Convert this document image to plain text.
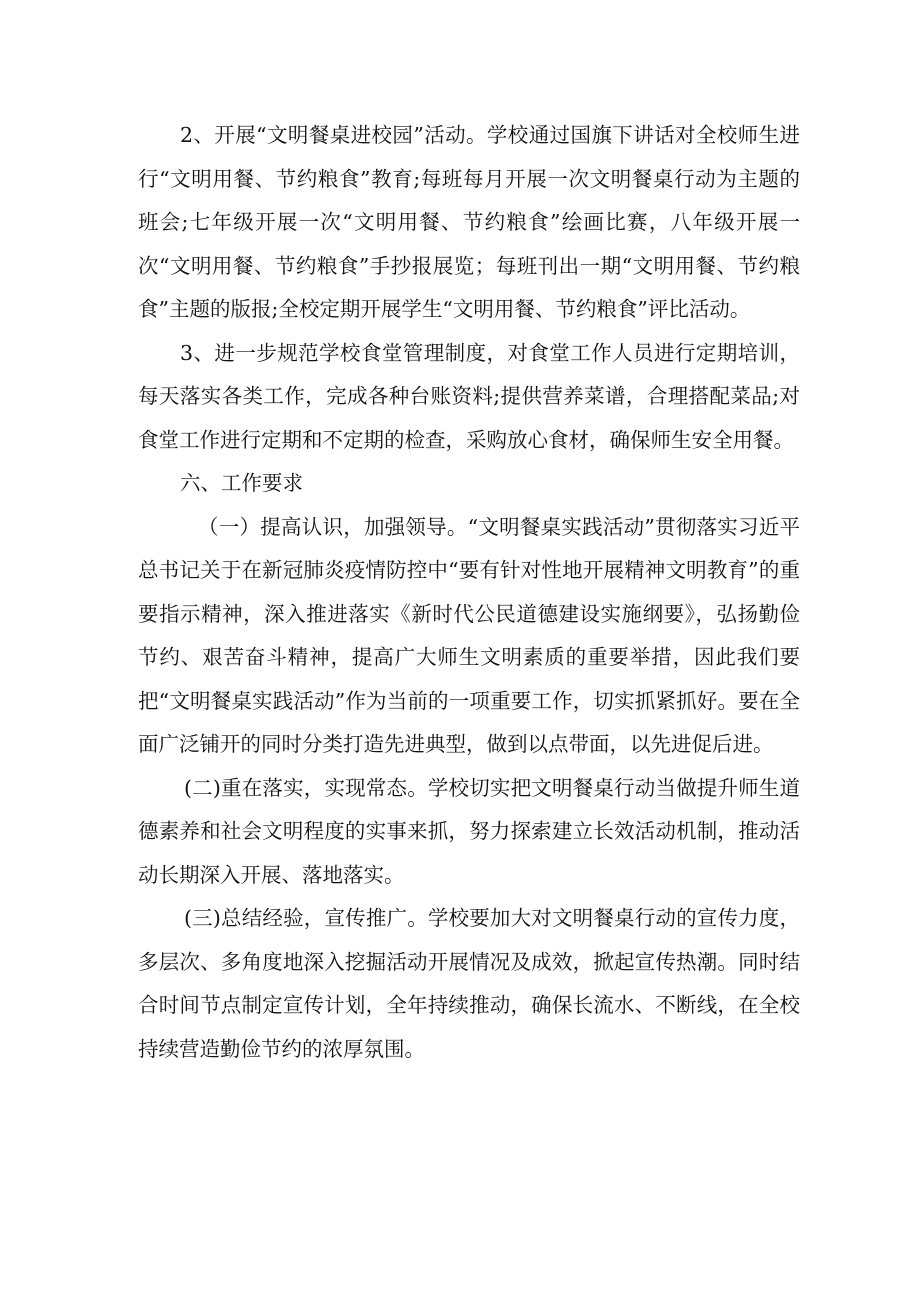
2、开展“文明餐桌进校园”活动。学校通过国旗下讲话对全校师生进行“文明用餐、节约粮食”教育;每班每月开展一次文明餐桌行动为主题的班会;七年级开展一次“文明用餐、节约粮食”绘画比赛，八年级开展一次“文明用餐、节约粮食”手抄报展览；每班刊出一期“文明用餐、节约粮食”主题的版报;全校定期开展学生“文明用餐、节约粮食”评比活动。

3、进一步规范学校食堂管理制度，对食堂工作人员进行定期培训，每天落实各类工作，完成各种台账资料;提供营养菜谱，合理搭配菜品;对食堂工作进行定期和不定期的检查，采购放心食材，确保师生安全用餐。

六、工作要求

（一）提高认识，加强领导。“文明餐桌实践活动”贯彻落实习近平总书记关于在新冠肺炎疫情防控中“要有针对性地开展精神文明教育”的重要指示精神，深入推进落实《新时代公民道德建设实施纲要》，弘扬勤俭节约、艰苦奋斗精神，提高广大师生文明素质的重要举措，因此我们要把“文明餐桌实践活动”作为当前的一项重要工作，切实抓紧抓好。要在全面广泛铺开的同时分类打造先进典型，做到以点带面，以先进促后进。

(二)重在落实，实现常态。学校切实把文明餐桌行动当做提升师生道德素养和社会文明程度的实事来抓，努力探索建立长效活动机制，推动活动长期深入开展、落地落实。

(三)总结经验，宣传推广。学校要加大对文明餐桌行动的宣传力度，多层次、多角度地深入挖掘活动开展情况及成效，掀起宣传热潮。同时结合时间节点制定宣传计划，全年持续推动，确保长流水、不断线，在全校持续营造勤俭节约的浓厚氛围。
